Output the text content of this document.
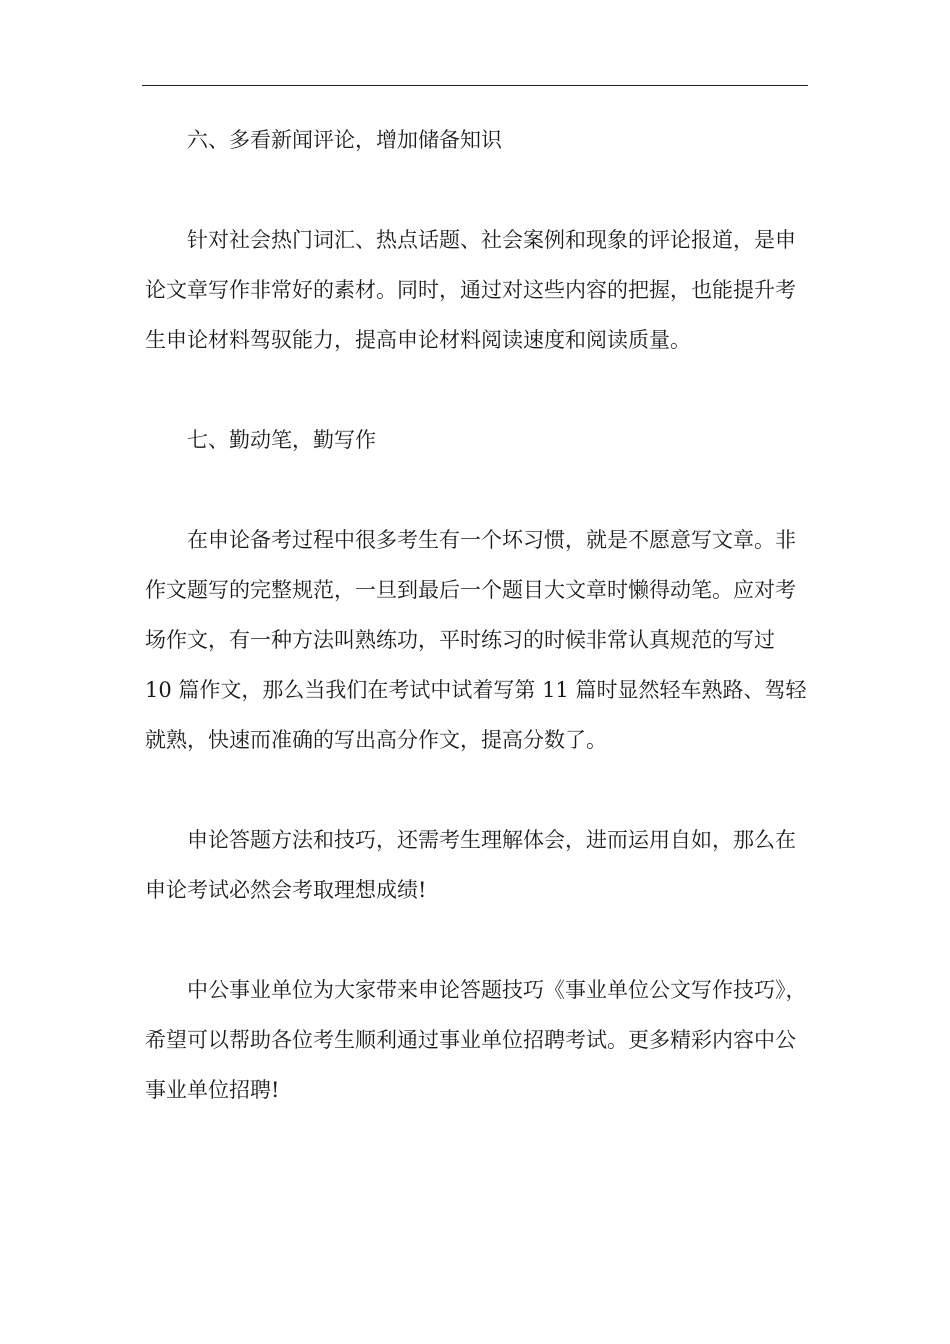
六、多看新闻评论，增加储备知识

针对社会热门词汇、热点话题、社会案例和现象的评论报道，是申论文章写作非常好的素材。同时，通过对这些内容的把握，也能提升考生申论材料驾驭能力，提高申论材料阅读速度和阅读质量。

七、勤动笔，勤写作

在申论备考过程中很多考生有一个坏习惯，就是不愿意写文章。非作文题写的完整规范，一旦到最后一个题目大文章时懒得动笔。应对考场作文，有一种方法叫熟练功，平时练习的时候非常认真规范的写过 10 篇作文，那么当我们在考试中试着写第 11 篇时显然轻车熟路、驾轻就熟，快速而准确的写出高分作文，提高分数了。

申论答题方法和技巧，还需考生理解体会，进而运用自如，那么在申论考试必然会考取理想成绩!

中公事业单位为大家带来申论答题技巧《事业单位公文写作技巧》，希望可以帮助各位考生顺利通过事业单位招聘考试。更多精彩内容中公事业单位招聘!
